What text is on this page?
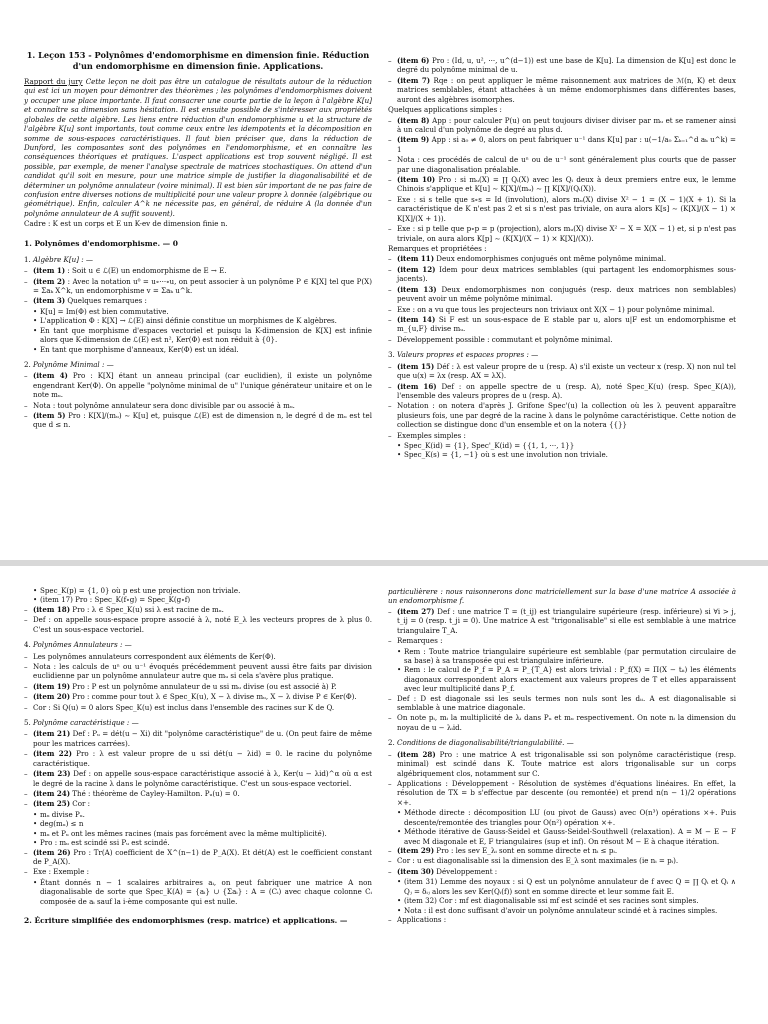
1. Leçon 153 - Polynômes d'endomorphisme en dimension finie. Réduction d'un endomorphisme en dimension finie. Applications.

Rapport du jury Cette leçon ne doit pas être un catalogue de résultats autour de la réduction qui est ici un moyen pour démontrer des théorèmes ; les polynômes d'endomorphismes doivent y occuper une place importante. Il faut consacrer une courte partie de la leçon à l'algèbre K[u] et connaître sa dimension sans hésitation. Il est ensuite possible de s'intéresser aux propriétés globales de cette algèbre. Les liens entre réduction d'un endomorphisme u et la structure de l'algèbre K[u] sont importants, tout comme ceux entre les idempotents et la décomposition en somme de sous-espaces caractéristiques. Il faut bien préciser que, dans la réduction de Dunford, les composantes sont des polynômes en l'endomorphisme, et en connaître les conséquences théoriques et pratiques. L'aspect applications est trop souvent négligé. Il est possible, par exemple, de mener l'analyse spectrale de matrices stochastiques. On attend d'un candidat qu'il soit en mesure, pour une matrice simple de justifier la diagonalisabilité et de déterminer un polynôme annulateur (voire minimal). Il est bien sûr important de ne pas faire de confusion entre diverses notions de multiplicité pour une valeur propre λ donnée (algébrique ou géométrique). Enfin, calculer A^k ne nécessite pas, en général, de réduire A (la donnée d'un polynôme annulateur de A suffit souvent).

Cadre : K est un corps et E un K-ev de dimension finie n.

1. Polynômes d'endomorphisme. — 0
1. Algèbre K[u] : —
– (item 1) : Soit u ∈ ℒ(E) un endomorphisme de E → E.
– (item 2) : Avec la notation u⁰ = u∘···∘u, on peut associer à un polynôme P ∈ K[X] tel que P(X) = Σaₖ X^k, un endomorphisme v = Σaₖ u^k.
– (item 3) Quelques remarques :
• K[u] = Im(Φ) est bien commutative.
• L'application Φ : K[X] → ℒ(E) ainsi définie constitue un morphismes de K algèbres.
• En tant que morphisme d'espaces vectoriel et puisqu la K-dimension de K[X] est infinie alors que K-dimension de ℒ(E) est n², Ker(Φ) est non réduit à {0}.
• En tant que morphisme d'anneaux, Ker(Φ) est un idéal.
2. Polynôme Minimal : —
– (item 4) Pro : K[X] étant un anneau principal (car euclidien), il existe un polynôme engendrant Ker(Φ). On appelle "polynôme minimal de u" l'unique générateur unitaire et on le note mᵤ.
– Nota : tout polynôme annulateur sera donc divisible par ou associé à mᵤ.
– (item 5) Pro : K[X]/(mᵤ) ∼ K[u] et, puisque ℒ(E) est de dimension n, le degré d de mᵤ est tel que d ≤ n.
– (item 6) Pro : (Id, u, u², ···, u^(d−1)) est une base de K[u]. La dimension de K[u] est donc le degré du polynôme minimal de u.
– (item 7) Rqe : on peut appliquer le même raisonnement aux matrices de ℳ(n, K) et deux matrices semblables, étant attachées à un même endomorphismes dans différentes bases, auront des algèbres isomorphes.

Quelques applications simples :

– (item 8) App : pour calculer P(u) on peut toujours diviser diviser par mᵤ et se ramener ainsi à un calcul d'un polynôme de degré au plus d.
– (item 9) App : si a₀ ≠ 0, alors on peut fabriquer u⁻¹ dans K[u] par : u(−1/a₀ Σₖ₌₁^d aₖ u^k) = 1
– Nota : ces procédés de calcul de uⁿ ou de u⁻¹ sont généralement plus courts que de passer par une diagonalisation préalable.
– (item 10) Pro : si mᵤ(X) = ∏ Qᵢ(X) avec les Qᵢ deux à deux premiers entre eux, le lemme Chinois s'applique et K[u] ∼ K[X]/(mᵤ) ∼ ∏ K[X]/(Qᵢ(X)).
– Exe : si s telle que s∘s = Id (involution), alors mᵤ(X) divise X² − 1 = (X − 1)(X + 1). Si la caractéristique de K n'est pas 2 et si s n'est pas triviale, on aura alors K[s] ∼ (K[X]/(X − 1) × K[X]/(X + 1)).
– Exe : si p telle que p∘p = p (projection), alors mᵤ(X) divise X² − X = X(X − 1) et, si p n'est pas triviale, on aura alors K[p] ∼ (K[X]/(X − 1) × K[X]/(X)).

Remarques et propriétées :

– (item 11) Deux endomorphismes conjugués ont même polynôme minimal.
– (item 12) Idem pour deux matrices semblables (qui partagent les endomorphismes sous-jacents).
– (item 13) Deux endomorphismes non conjugués (resp. deux matrices non semblables) peuvent avoir un même polynôme minimal.
– Exe : on a vu que tous les projecteurs non triviaux ont X(X − 1) pour polynôme minimal.
– (item 14) Si F est un sous-espace de E stable par u, alors u|F est un endomorphisme et m_{u,F} divise mᵤ.
– Développement possible : commutant et polynôme minimal.
3. Valeurs propres et espaces propres : —
– (item 15) Déf : λ est valeur propre de u (resp. A) s'il existe un vecteur x (resp. X) non nul tel que u(x) = λx (resp. AX = λX).
– (item 16) Def : on appelle spectre de u (resp. A), noté Spec_K(u) (resp. Spec_K(A)), l'ensemble des valeurs propres de u (resp. A).
– Notation : on notera d'après J. Grifone Spec'(u) la collection où les λ peuvent apparaître plusieurs fois, une par degré de la racine λ dans le polynôme caractéristique. Cette notion de collection se distingue donc d'un ensemble et on la notera {{}}
– Exemples simples :
• Spec_K(id) = {1}, Spec'_K(id) = {{1, 1, ···, 1}}
• Spec_K(s) = {1, −1} où s est une involution non triviale.
• Spec_K(p) = {1, 0} où p est une projection non triviale.
• (item 17) Pro : Spec_K(f∘g) = Spec_K(g∘f)
– (item 18) Pro : λ ∈ Spec_K(u) ssi λ est racine de mᵤ.
– Def : on appelle sous-espace propre associé à λ, noté E_λ les vecteurs propres de λ plus 0. C'est un sous-espace vectoriel.
4. Polynômes Annulateurs : —
– Les polynômes annulateurs correspondent aux éléments de Ker(Φ).
– Nota : les calculs de uⁿ ou u⁻¹ évoqués précédemment peuvent aussi être faits par division euclidienne par un polynôme annulateur autre que mᵤ si cela s'avère plus pratique.
– (item 19) Pro : P est un polynôme annulateur de u ssi mᵤ divise (ou est associé à) P.
– (item 20) Pro : comme pour tout λ ∈ Spec_K(u), X − λ divise mᵤ, X − λ divise P ∈ Ker(Φ).
– Cor : Si Q(u) = 0 alors Spec_K(u) est inclus dans l'ensemble des racines sur K de Q.
5. Polynôme caractéristique : —
– (item 21) Def : Pᵤ = dét(u − Xi) dit "polynôme caractéristique" de u. (On peut faire de même pour les matrices carrées).
– (item 22) Pro : λ est valeur propre de u ssi dét(u − λid) = 0. le racine du polynôme caractéristique.
– (item 23) Def : on appelle sous-espace caractéristique associé à λ, Ker(u − λid)^α où α est le degré de la racine λ dans le polynôme caractéristique. C'est un sous-espace vectoriel.
– (item 24) Thé : théorème de Cayley-Hamilton. Pᵤ(u) = 0.
– (item 25) Cor :
• mᵤ divise Pᵤ.
• deg(mᵤ) ≤ n
• mᵤ et Pᵤ ont les mêmes racines (mais pas forcément avec la même multiplicité).
• Pro : mᵤ est scindé ssi Pᵤ est scindé.
– (item 26) Pro : Tr(A) coefficient de X^(n−1) de P_A(X). Et dét(A) est le coefficient constant de P_A(X).
– Exe : Exemple :
• Étant donnés n − 1 scalaires arbitraires aᵢ, on peut fabriquer une matrice A non diagonalisable de sorte que Spec_K(A) = {aᵢ} ∪ {Σaᵢ} : A = (Cᵢ) avec chaque colonne Cᵢ composée de aᵢ sauf la i-ème composante qui est nulle.
2. Écriture simplifiée des endomorphismes (resp. matrice) et applications. —

particulièrere : nous raisonnerons donc matriciellement sur la base d'une matrice A associée à un endomorphisme f.

– (item 27) Def : une matrice T = (t_ij) est triangulaire supérieure (resp. inférieure) si ∀i > j, t_ij = 0 (resp. t_ji = 0). Une matrice A est "trigonalisable" si elle est semblable à une matrice triangulaire T_A.
– Remarques :
• Rem : Toute matrice triangulaire supérieure est semblable (par permutation circulaire de sa base) à sa transposée qui est triangulaire inférieure.
• Rem : le calcul de P_f = P_A = P_{T_A} est alors trivial : P_f(X) = Π(X − tᵢᵢ) les éléments diagonaux correspondent alors exactement aux valeurs propres de T et elles apparaissent avec leur multiplicité dans P_f.
– Def : D est diagonale ssi les seuls termes non nuls sont les dᵢᵢ. A est diagonalisable si semblable à une matrice diagonale.
– On note pᵢ, mᵢ la multiplicité de λᵢ dans Pᵤ et mᵤ respectivement. On note nᵢ la dimension du noyau de u − λᵢid.
2. Conditions de diagonalisabilité/triangulabilité. —
– (item 28) Pro : une matrice A est trigonalisable ssi son polynôme caractéristique (resp. minimal) est scindé dans K. Toute matrice est alors trigonalisable sur un corps algébriquement clos, notamment sur C.
– Applications : Développement - Résolution de systèmes d'équations linéaires. En effet, la résolution de TX = b s'effectue par descente (ou remontée) et prend n(n − 1)/2 opérations ×+.
• Méthode directe : décomposition LU (ou pivot de Gauss) avec O(n³) opérations ×+. Puis descente/remontée des triangles pour O(n²) opération ×+.
• Méthode itérative de Gauss-Seidel et Gauss-Seidel-Southwell (relaxation). A = M − E − F avec M diagonale et E, F triangulaires (sup et inf). On résout M − E à chaque itération.
– (item 29) Pro : les sev E_λᵢ sont en somme directe et nᵢ ≤ pᵢ.
– Cor : u est diagonalisable ssi la dimension des E_λ sont maximales (ie nᵢ = pᵢ).
– (item 30) Développement :
• (item 31) Lemme des noyaux : si Q est un polynôme annulateur de f avec Q = ∏ Qᵢ et Qᵢ ∧ Qⱼ = δᵢⱼ alors les sev Ker(Qᵢ(f)) sont en somme directe et leur somme fait E.
• (item 32) Cor : mf est diagonalisable ssi mf est scindé et ses racines sont simples.
• Nota : il est donc suffisant d'avoir un polynôme annulateur scindé et à racines simples.
– Applications :
